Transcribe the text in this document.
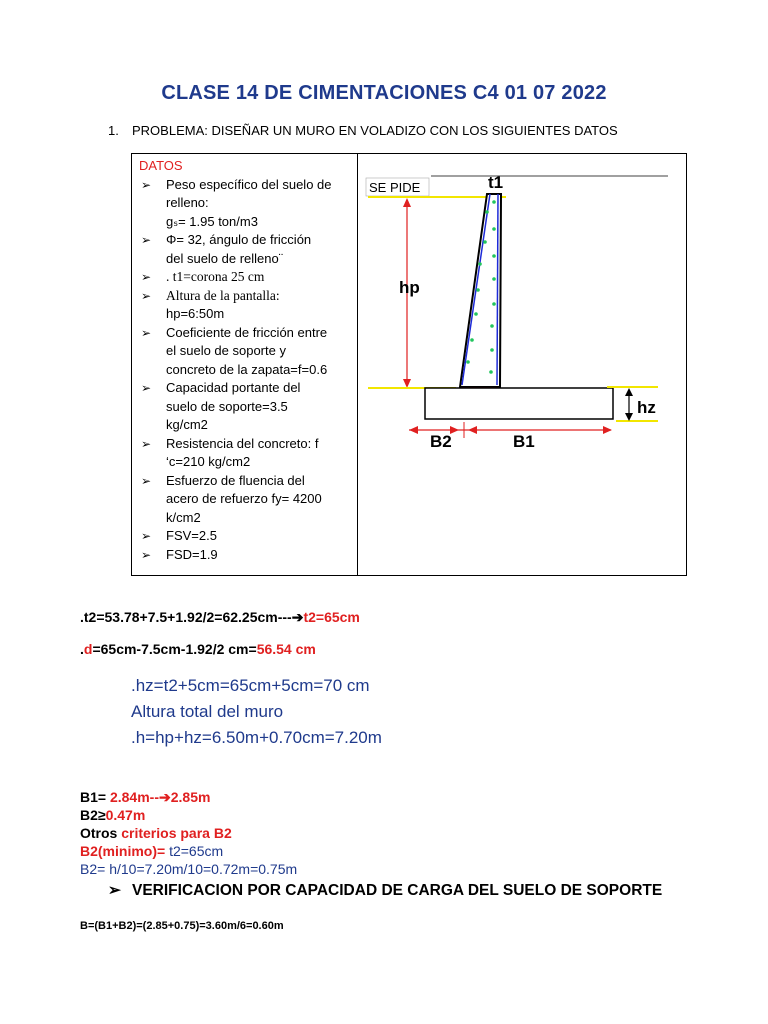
CLASE 14 DE CIMENTACIONES C4 01 07 2022
1. PROBLEMA: DISEÑAR UN MURO EN VOLADIZO CON LOS SIGUIENTES DATOS
DATOS
➢ Peso específico del suelo de
relleno:
gₛ= 1.95 ton/m3
➢ Φ= 32, ángulo de fricción
del suelo de relleno¨
➢ . t1=corona 25 cm
➢ Altura de la pantalla:
hp=6:50m
➢ Coeficiente de fricción entre
el suelo de soporte y
concreto de la zapata=f=0.6
➢ Capacidad portante del
suelo de soporte=3.5
kg/cm2
➢ Resistencia del concreto: f
‘c=210 kg/cm2
➢ Esfuerzo de fluencia del
acero de refuerzo fy= 4200
k/cm2
➢ FSV=2.5
➢ FSD=1.9
SE PIDE	t1
hp
hz
B2	B1
.t2=53.78+7.5+1.92/2=62.25cm---➔t2=65cm
.d=65cm-7.5cm-1.92/2 cm=56.54 cm
.hz=t2+5cm=65cm+5cm=70 cm
Altura total del muro
.h=hp+hz=6.50m+0.70cm=7.20m
B1= 2.84m--➔2.85m
B2≥0.47m
Otros criterios para B2
B2(minimo)= t2=65cm
B2= h/10=7.20m/10=0.72m=0.75m
➢ VERIFICACION POR CAPACIDAD DE CARGA DEL SUELO DE SOPORTE
B=(B1+B2)=(2.85+0.75)=3.60m/6=0.60m
